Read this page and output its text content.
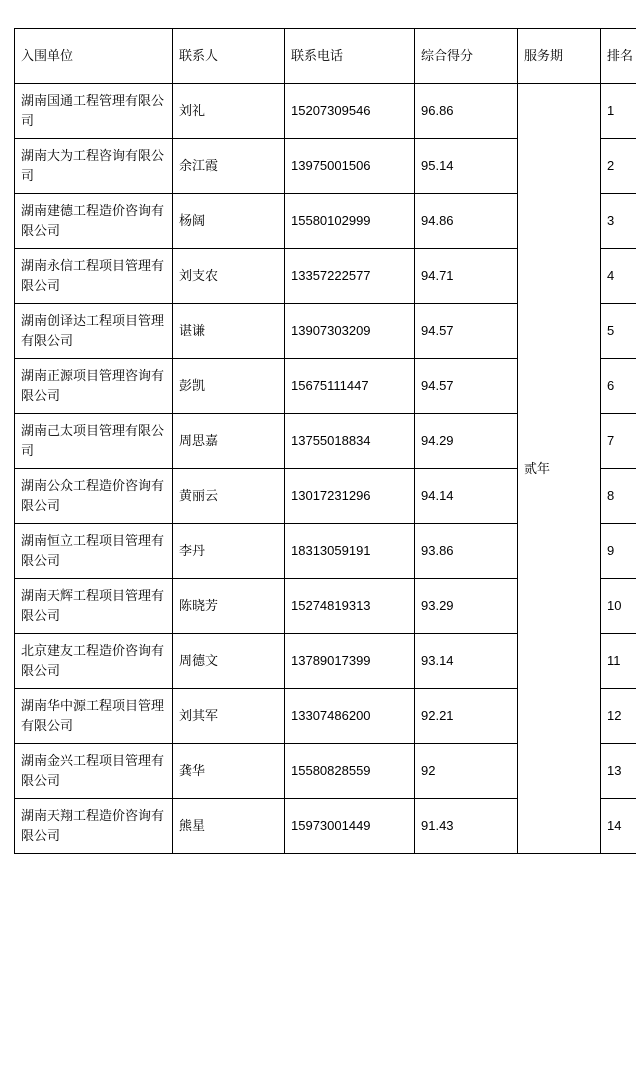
入围单位	联系人	联系电话	综合得分	服务期	排名
湖南国通工程管理有限公司	刘礼	15207309546	96.86	贰年	1
湖南大为工程咨询有限公司	余江霞	13975001506	95.14		2
湖南建德工程造价咨询有限公司	杨阔	15580102999	94.86		3
湖南永信工程项目管理有限公司	刘支农	13357222577	94.71		4
湖南创译达工程项目管理有限公司	谌谦	13907303209	94.57		5
湖南正源项目管理咨询有限公司	彭凯	15675111447	94.57		6
湖南己太项目管理有限公司	周思嘉	13755018834	94.29		7
湖南公众工程造价咨询有限公司	黄丽云	13017231296	94.14		8
湖南恒立工程项目管理有限公司	李丹	18313059191	93.86		9
湖南天辉工程项目管理有限公司	陈晓芳	15274819313	93.29		10
北京建友工程造价咨询有限公司	周德文	13789017399	93.14		11
湖南华中源工程项目管理有限公司	刘其军	13307486200	92.21		12
湖南金兴工程项目管理有限公司	龚华	15580828559	92		13
湖南天翔工程造价咨询有限公司	熊星	15973001449	91.43		14
